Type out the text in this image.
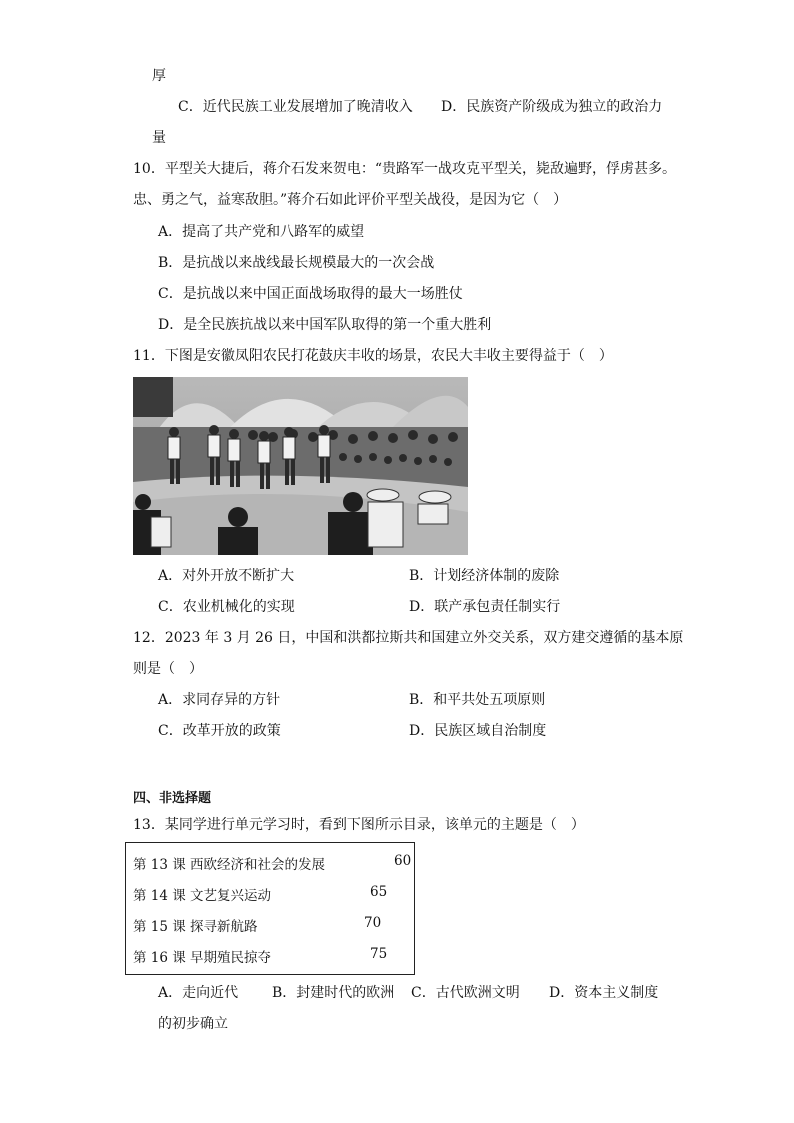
厚
C．近代民族工业发展增加了晚清收入 D．民族资产阶级成为独立的政治力
量
10．平型关大捷后，蒋介石发来贺电：“贵路军一战攻克平型关，毙敌遍野，俘虏甚多。
忠、勇之气，益寒敌胆。”蒋介石如此评价平型关战役，是因为它（　）
A．提高了共产党和八路军的威望
B．是抗战以来战线最长规模最大的一次会战
C．是抗战以来中国正面战场取得的最大一场胜仗
D．是全民族抗战以来中国军队取得的第一个重大胜利
11．下图是安徽凤阳农民打花鼓庆丰收的场景，农民大丰收主要得益于（　）
A．对外开放不断扩大	B．计划经济体制的废除
C．农业机械化的实现	D．联产承包责任制实行
12．2023 年 3 月 26 日，中国和洪都拉斯共和国建立外交关系，双方建交遵循的基本原
则是（　）
A．求同存异的方针	B．和平共处五项原则
C．改革开放的政策	D．民族区域自治制度
四、非选择题
13．某同学进行单元学习时，看到下图所示目录，该单元的主题是（　）
第 13 课 西欧经济和社会的发展	60
第 14 课 文艺复兴运动	65
第 15 课 探寻新航路	70
第 16 课 早期殖民掠夺	75
A．走向近代 B．封建时代的欧洲 C．古代欧洲文明 D．资本主义制度
的初步确立
